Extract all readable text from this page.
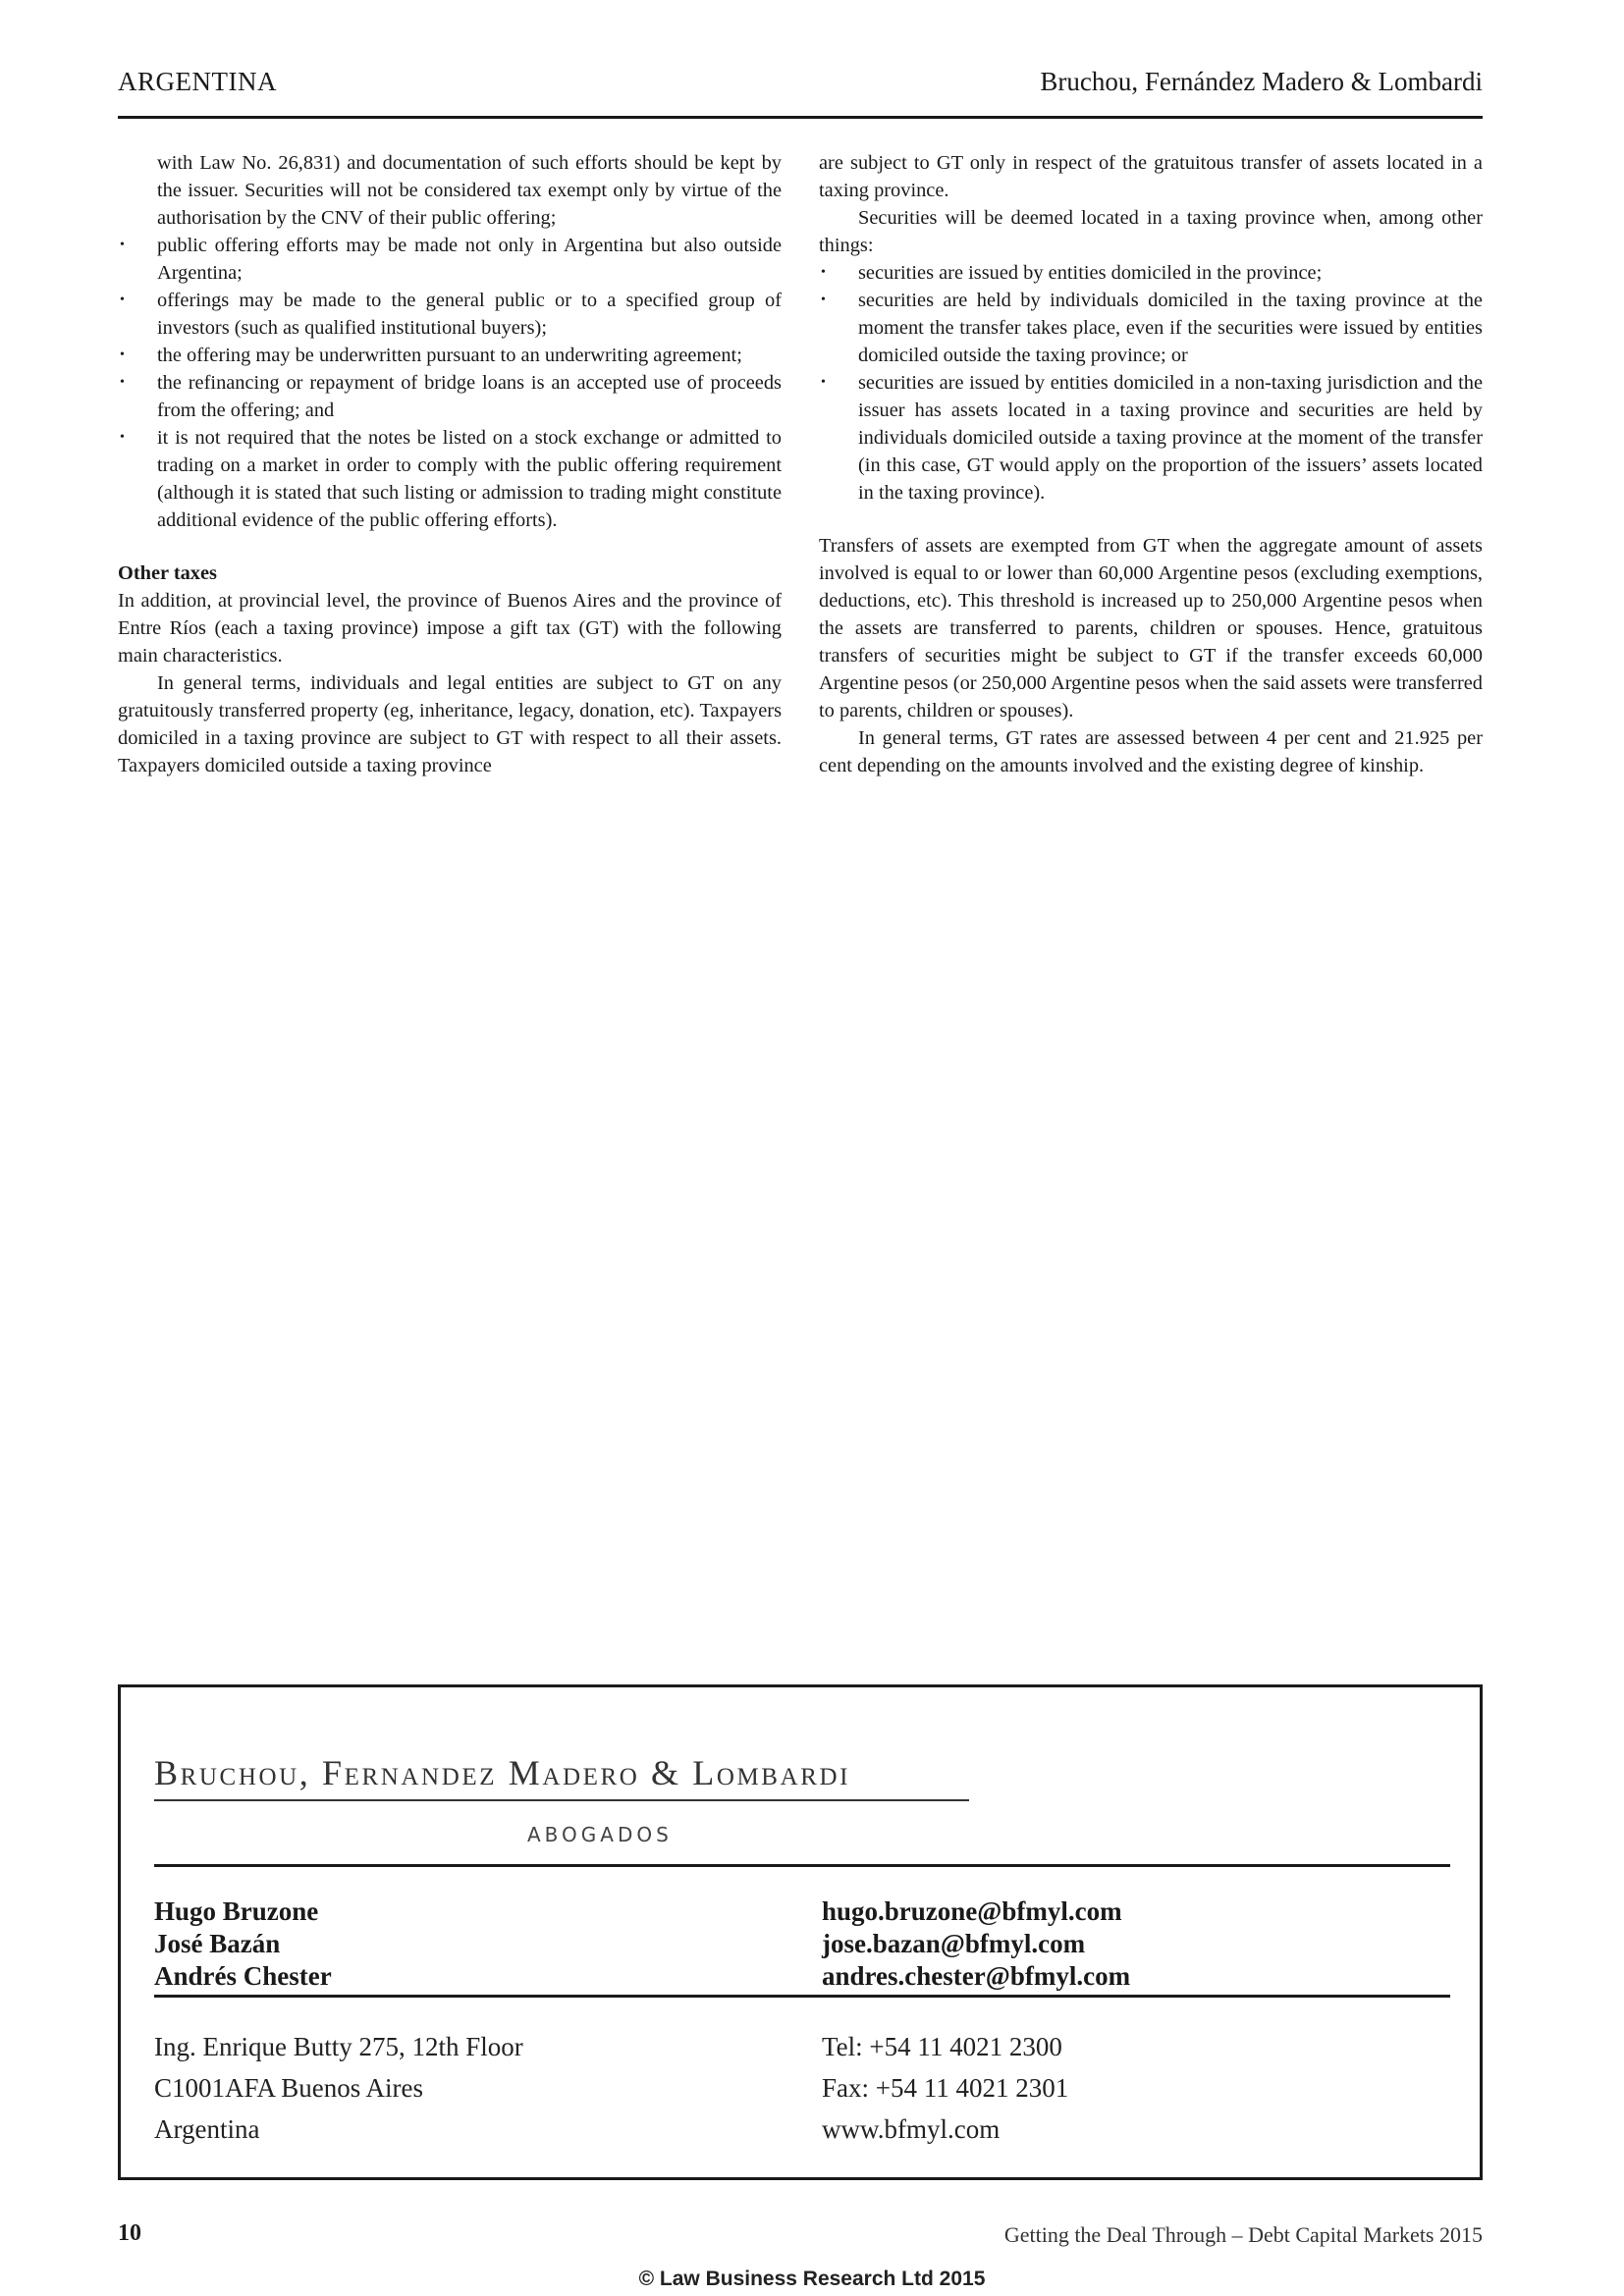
ARGENTINA	Bruchou, Fernández Madero & Lombardi

with Law No. 26,831) and documentation of such efforts should be kept by the issuer. Securities will not be considered tax exempt only by virtue of the authorisation by the CNV of their public offering;

• public offering efforts may be made not only in Argentina but also outside Argentina;
• offerings may be made to the general public or to a specified group of investors (such as qualified institutional buyers);
• the offering may be underwritten pursuant to an underwriting agreement;
• the refinancing or repayment of bridge loans is an accepted use of proceeds from the offering; and
• it is not required that the notes be listed on a stock exchange or admitted to trading on a market in order to comply with the public offering requirement (although it is stated that such listing or admission to trading might constitute additional evidence of the public offering efforts).
Other taxes

In addition, at provincial level, the province of Buenos Aires and the province of Entre Ríos (each a taxing province) impose a gift tax (GT) with the following main characteristics.

In general terms, individuals and legal entities are subject to GT on any gratuitously transferred property (eg, inheritance, legacy, donation, etc). Taxpayers domiciled in a taxing province are subject to GT with respect to all their assets. Taxpayers domiciled outside a taxing province

are subject to GT only in respect of the gratuitous transfer of assets located in a taxing province.

Securities will be deemed located in a taxing province when, among other things:

• securities are issued by entities domiciled in the province;
• securities are held by individuals domiciled in the taxing province at the moment the transfer takes place, even if the securities were issued by entities domiciled outside the taxing province; or
• securities are issued by entities domiciled in a non-taxing jurisdiction and the issuer has assets located in a taxing province and securities are held by individuals domiciled outside a taxing province at the moment of the transfer (in this case, GT would apply on the proportion of the issuers’ assets located in the taxing province).

Transfers of assets are exempted from GT when the aggregate amount of assets involved is equal to or lower than 60,000 Argentine pesos (excluding exemptions, deductions, etc). This threshold is increased up to 250,000 Argentine pesos when the assets are transferred to parents, children or spouses. Hence, gratuitous transfers of securities might be subject to GT if the transfer exceeds 60,000 Argentine pesos (or 250,000 Argentine pesos when the said assets were transferred to parents, children or spouses).

In general terms, GT rates are assessed between 4 per cent and 21.925 per cent depending on the amounts involved and the existing degree of kinship.

Bruchou, Fernandez Madero & Lombardi
ABOGADOS
Hugo Bruzone
José Bazán
Andrés Chester
hugo.bruzone@bfmyl.com
jose.bazan@bfmyl.com
andres.chester@bfmyl.com
Ing. Enrique Butty 275, 12th Floor
C1001AFA Buenos Aires
Argentina
Tel: +54 11 4021 2300
Fax: +54 11 4021 2301
www.bfmyl.com
10	Getting the Deal Through – Debt Capital Markets 2015
© Law Business Research Ltd 2015
